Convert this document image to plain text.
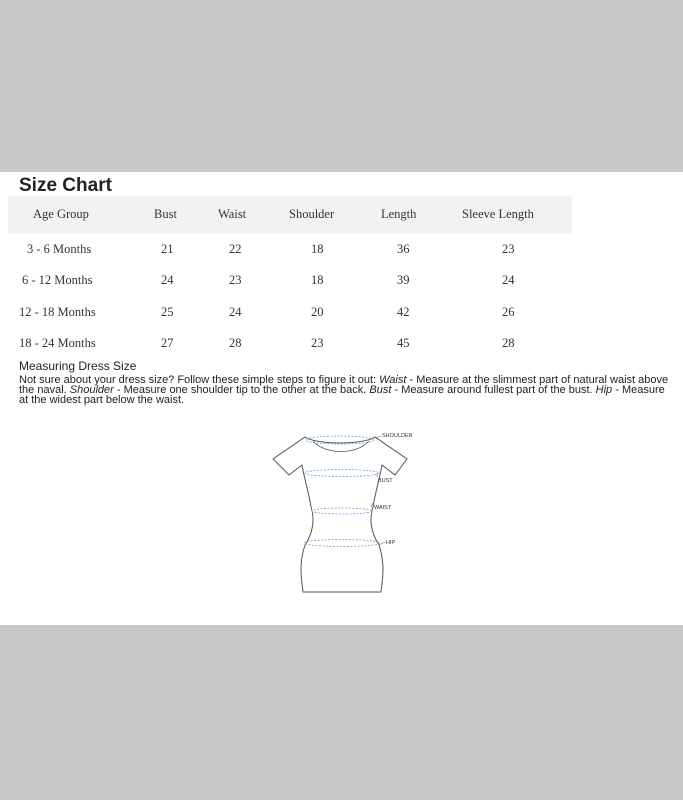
Size Chart
Age Group	Bust	Waist	Shoulder	Length	Sleeve Length
3 - 6 Months	21	22	18	36	23
6 - 12 Months	24	23	18	39	24
12 - 18 Months	25	24	20	42	26
18 - 24 Months	27	28	23	45	28
Measuring Dress Size
Not sure about your dress size? Follow these simple steps to figure it out: Waist - Measure at the slimmest part of natural waist above the naval. Shoulder - Measure one shoulder tip to the other at the back. Bust - Measure around fullest part of the bust. Hip - Measure at the widest part below the waist.
SHOULDER
BUST
WAIST
HIP
